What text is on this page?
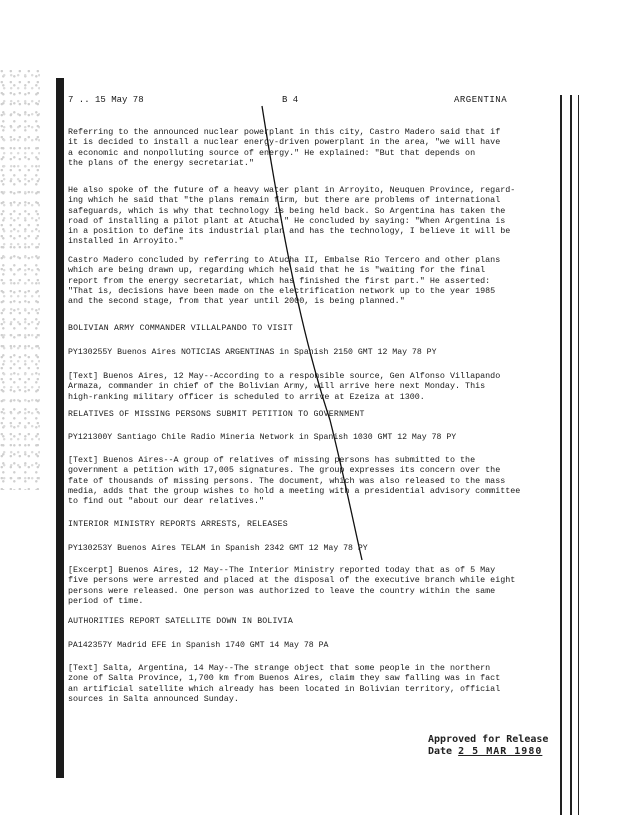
7 .. 15 May 78	B 4	ARGENTINA
Referring to the announced nuclear powerplant in this city, Castro Madero said that if
it is decided to install a nuclear energy-driven powerplant in the area, "we will have
a economic and nonpolluting source of energy." He explained: "But that depends on
the plans of the energy secretariat."
He also spoke of the future of a heavy water plant in Arroyito, Neuquen Province, regard-
ing which he said that "the plans remain firm, but there are problems of international
safeguards, which is why that technology is being held back. So Argentina has taken the
road of installing a pilot plant at Atucha." He concluded by saying: "When Argentina is
in a position to define its industrial plan and has the technology, I believe it will be
installed in Arroyito."
Castro Madero concluded by referring to Atucha II, Embalse Rio Tercero and other plans
which are being drawn up, regarding which he said that he is "waiting for the final
report from the energy secretariat, which has finished the first part." He asserted:
"That is, decisions have been made on the electrification network up to the year 1985
and the second stage, from that year until 2000, is being planned."
BOLIVIAN ARMY COMMANDER VILLALPANDO TO VISIT
PY130255Y Buenos Aires NOTICIAS ARGENTINAS in Spanish 2150 GMT 12 May 78 PY
[Text] Buenos Aires, 12 May--According to a responsible source, Gen Alfonso Villapando
Armaza, commander in chief of the Bolivian Army, will arrive here next Monday. This
high-ranking military officer is scheduled to arrive at Ezeiza at 1300.
RELATIVES OF MISSING PERSONS SUBMIT PETITION TO GOVERNMENT
PY121300Y Santiago Chile Radio Mineria Network in Spanish 1030 GMT 12 May 78 PY
[Text] Buenos Aires--A group of relatives of missing persons has submitted to the
government a petition with 17,005 signatures. The group expresses its concern over the
fate of thousands of missing persons. The document, which was also released to the mass
media, adds that the group wishes to hold a meeting with a presidential advisory committee
to find out "about our dear relatives."
INTERIOR MINISTRY REPORTS ARRESTS, RELEASES
PY130253Y Buenos Aires TELAM in Spanish 2342 GMT 12 May 78 PY
[Excerpt] Buenos Aires, 12 May--The Interior Ministry reported today that as of 5 May
five persons were arrested and placed at the disposal of the executive branch while eight
persons were released. One person was authorized to leave the country within the same
period of time.
AUTHORITIES REPORT SATELLITE DOWN IN BOLIVIA
PA142357Y Madrid EFE in Spanish 1740 GMT 14 May 78 PA
[Text] Salta, Argentina, 14 May--The strange object that some people in the northern
zone of Salta Province, 1,700 km from Buenos Aires, claim they saw falling was in fact
an artificial satellite which already has been located in Bolivian territory, official
sources in Salta announced Sunday.
Approved for Release
Date 2 5 MAR 1980
